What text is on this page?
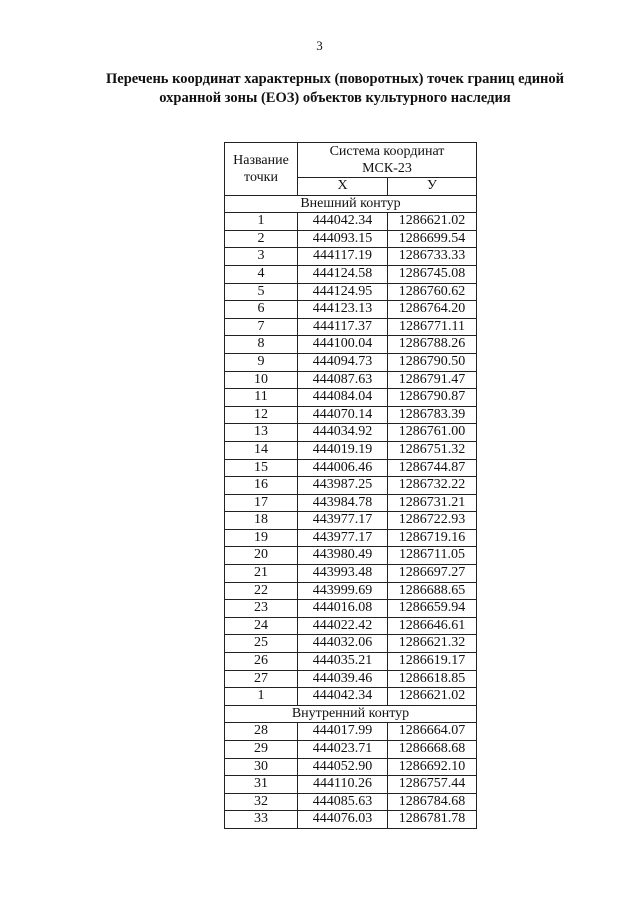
3
Перечень координат характерных (поворотных) точек границ единой
охранной зоны (ЕОЗ) объектов культурного наследия
Название
точки	Система координат
МСК-23	
	X	У
Внешний контур		
1	444042.34	1286621.02
2	444093.15	1286699.54
3	444117.19	1286733.33
4	444124.58	1286745.08
5	444124.95	1286760.62
6	444123.13	1286764.20
7	444117.37	1286771.11
8	444100.04	1286788.26
9	444094.73	1286790.50
10	444087.63	1286791.47
11	444084.04	1286790.87
12	444070.14	1286783.39
13	444034.92	1286761.00
14	444019.19	1286751.32
15	444006.46	1286744.87
16	443987.25	1286732.22
17	443984.78	1286731.21
18	443977.17	1286722.93
19	443977.17	1286719.16
20	443980.49	1286711.05
21	443993.48	1286697.27
22	443999.69	1286688.65
23	444016.08	1286659.94
24	444022.42	1286646.61
25	444032.06	1286621.32
26	444035.21	1286619.17
27	444039.46	1286618.85
1	444042.34	1286621.02
Внутренний контур		
28	444017.99	1286664.07
29	444023.71	1286668.68
30	444052.90	1286692.10
31	444110.26	1286757.44
32	444085.63	1286784.68
33	444076.03	1286781.78
